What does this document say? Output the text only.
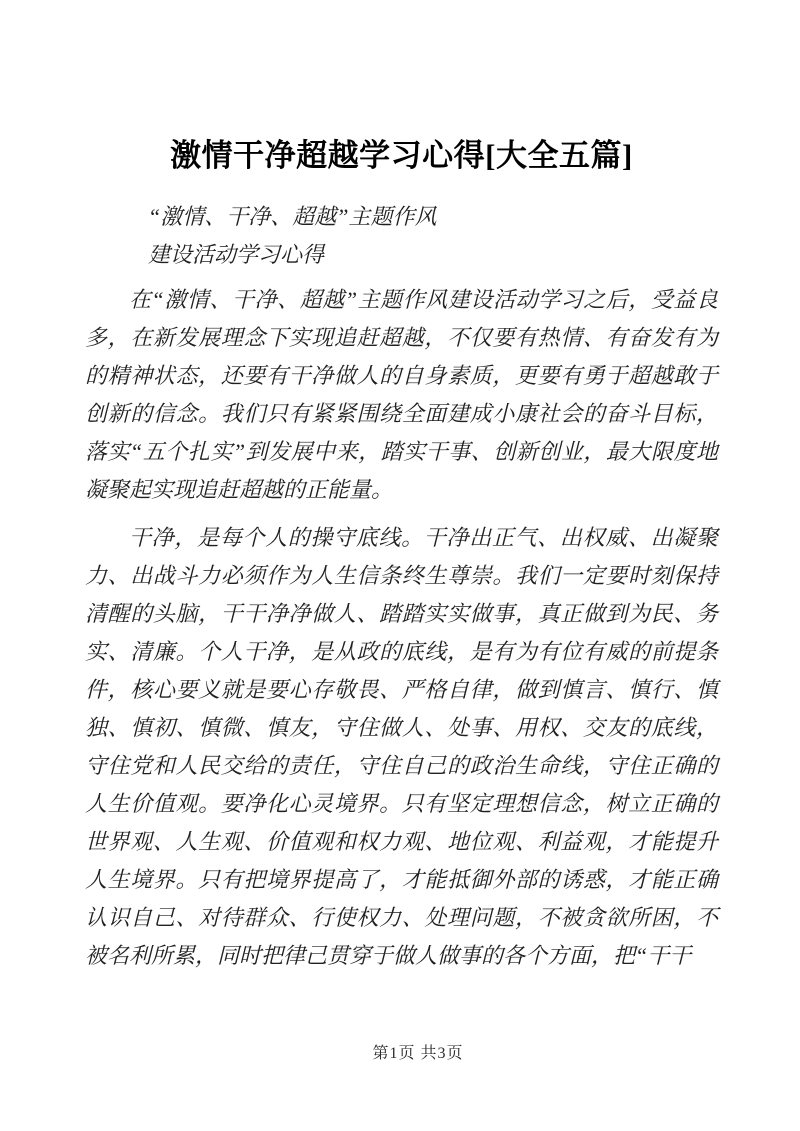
激情干净超越学习心得[大全五篇]

“激情、干净、超越”主题作风

建设活动学习心得

在“激情、干净、超越”主题作风建设活动学习之后，受益良多，在新发展理念下实现追赶超越，不仅要有热情、有奋发有为的精神状态，还要有干净做人的自身素质，更要有勇于超越敢于创新的信念。我们只有紧紧围绕全面建成小康社会的奋斗目标，落实“五个扎实”到发展中来，踏实干事、创新创业，最大限度地凝聚起实现追赶超越的正能量。

干净，是每个人的操守底线。干净出正气、出权威、出凝聚力、出战斗力必须作为人生信条终生尊崇。我们一定要时刻保持清醒的头脑，干干净净做人、踏踏实实做事，真正做到为民、务实、清廉。个人干净，是从政的底线，是有为有位有威的前提条件，核心要义就是要心存敬畏、严格自律，做到慎言、慎行、慎独、慎初、慎微、慎友，守住做人、处事、用权、交友的底线，守住党和人民交给的责任，守住自己的政治生命线，守住正确的人生价值观。要净化心灵境界。只有坚定理想信念，树立正确的世界观、人生观、价值观和权力观、地位观、利益观，才能提升人生境界。只有把境界提高了，才能抵御外部的诱惑，才能正确认识自己、对待群众、行使权力、处理问题，不被贪欲所困，不被名利所累，同时把律己贯穿于做人做事的各个方面，把“干干

第1页 共3页
